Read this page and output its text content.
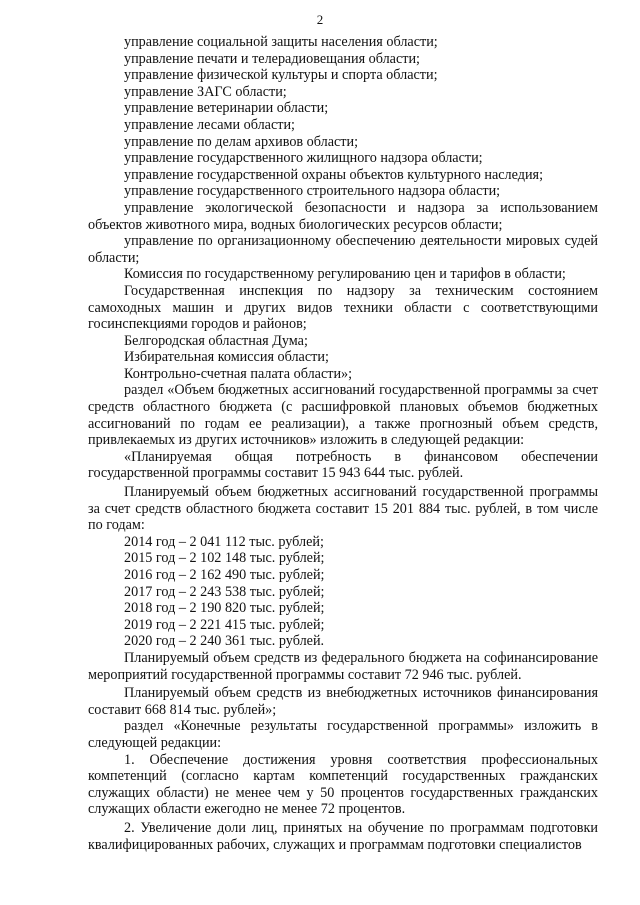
2

управление социальной защиты населения области;

управление печати и телерадиовещания области;

управление физической культуры и спорта области;

управление ЗАГС области;

управление ветеринарии области;

управление лесами области;

управление по делам архивов области;

управление государственного жилищного надзора области;

управление государственной охраны объектов культурного наследия;

управление государственного строительного надзора области;

управление экологической безопасности и надзора за использованием объектов животного мира, водных биологических ресурсов области;

управление по организационному обеспечению деятельности мировых судей области;

Комиссия по государственному регулированию цен и тарифов в области;

Государственная инспекция по надзору за техническим состоянием самоходных машин и других видов техники области с соответствующими госинспекциями городов и районов;

Белгородская областная Дума;

Избирательная комиссия области;

Контрольно-счетная палата области»;

раздел «Объем бюджетных ассигнований государственной программы за счет средств областного бюджета (с расшифровкой плановых объемов бюджетных ассигнований по годам ее реализации), а также прогнозный объем средств, привлекаемых из других источников» изложить в следующей редакции:

«Планируемая общая потребность в финансовом обеспечении государственной программы составит 15 943 644 тыс. рублей.

Планируемый объем бюджетных ассигнований государственной программы за счет средств областного бюджета составит 15 201 884 тыс. рублей, в том числе по годам:

2014 год – 2 041 112 тыс. рублей;

2015 год – 2 102 148 тыс. рублей;

2016 год – 2 162 490 тыс. рублей;

2017 год – 2 243 538 тыс. рублей;

2018 год – 2 190 820 тыс. рублей;

2019 год – 2 221 415 тыс. рублей;

2020 год – 2 240 361 тыс. рублей.

Планируемый объем средств из федерального бюджета на софинансирование мероприятий государственной программы составит 72 946 тыс. рублей.

Планируемый объем средств из внебюджетных источников финансирования составит 668 814 тыс. рублей»;

раздел «Конечные результаты государственной программы» изложить в следующей редакции:

1. Обеспечение достижения уровня соответствия профессиональных компетенций (согласно картам компетенций государственных гражданских служащих области) не менее чем у 50 процентов государственных гражданских служащих области ежегодно не менее 72 процентов.

2. Увеличение доли лиц, принятых на обучение по программам подготовки квалифицированных рабочих, служащих и программам подготовки специалистов
